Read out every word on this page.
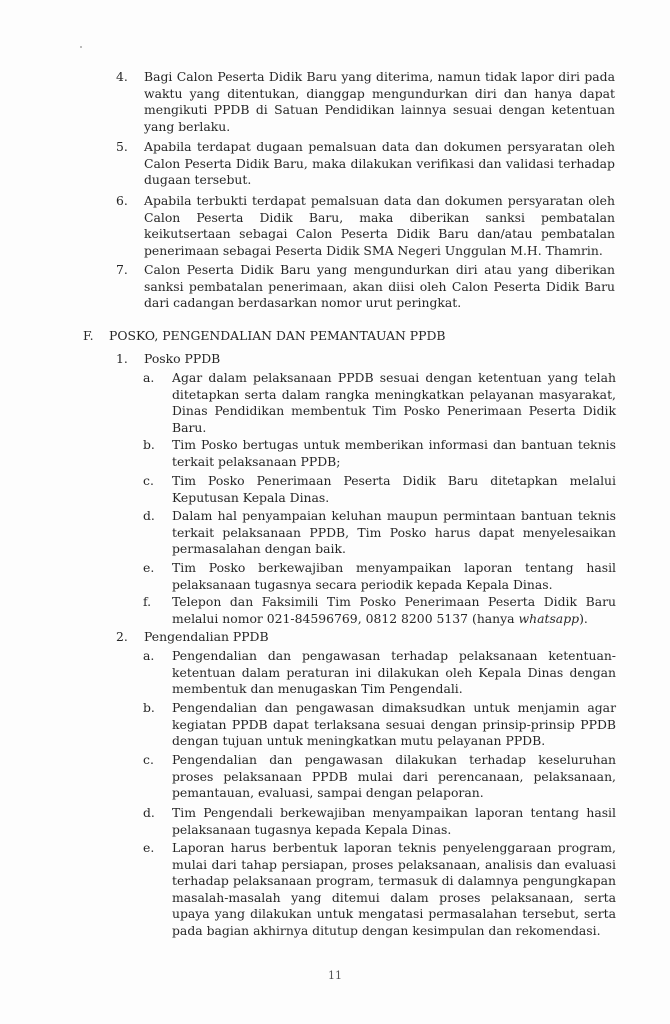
4. Bagi Calon Peserta Didik Baru yang diterima, namun tidak lapor diri pada waktu yang ditentukan, dianggap mengundurkan diri dan hanya dapat mengikuti PPDB di Satuan Pendidikan lainnya sesuai dengan ketentuan yang berlaku.
5. Apabila terdapat dugaan pemalsuan data dan dokumen persyaratan oleh Calon Peserta Didik Baru, maka dilakukan verifikasi dan validasi terhadap dugaan tersebut.
6. Apabila terbukti terdapat pemalsuan data dan dokumen persyaratan oleh Calon Peserta Didik Baru, maka diberikan sanksi pembatalan keikutsertaan sebagai Calon Peserta Didik Baru dan/atau pembatalan penerimaan sebagai Peserta Didik SMA Negeri Unggulan M.H. Thamrin.
7. Calon Peserta Didik Baru yang mengundurkan diri atau yang diberikan sanksi pembatalan penerimaan, akan diisi oleh Calon Peserta Didik Baru dari cadangan berdasarkan nomor urut peringkat.
F. POSKO, PENGENDALIAN DAN PEMANTAUAN PPDB
1. Posko PPDB
a. Agar dalam pelaksanaan PPDB sesuai dengan ketentuan yang telah ditetapkan serta dalam rangka meningkatkan pelayanan masyarakat, Dinas Pendidikan membentuk Tim Posko Penerimaan Peserta Didik Baru.
b. Tim Posko bertugas untuk memberikan informasi dan bantuan teknis terkait pelaksanaan PPDB;
c. Tim Posko Penerimaan Peserta Didik Baru ditetapkan melalui Keputusan Kepala Dinas.
d. Dalam hal penyampaian keluhan maupun permintaan bantuan teknis terkait pelaksanaan PPDB, Tim Posko harus dapat menyelesaikan permasalahan dengan baik.
e. Tim Posko berkewajiban menyampaikan laporan tentang hasil pelaksanaan tugasnya secara periodik kepada Kepala Dinas.
f. Telepon dan Faksimili Tim Posko Penerimaan Peserta Didik Baru melalui nomor 021-84596769, 0812 8200 5137 (hanya whatsapp).
2. Pengendalian PPDB
a. Pengendalian dan pengawasan terhadap pelaksanaan ketentuan-ketentuan dalam peraturan ini dilakukan oleh Kepala Dinas dengan membentuk dan menugaskan Tim Pengendali.
b. Pengendalian dan pengawasan dimaksudkan untuk menjamin agar kegiatan PPDB dapat terlaksana sesuai dengan prinsip-prinsip PPDB dengan tujuan untuk meningkatkan mutu pelayanan PPDB.
c. Pengendalian dan pengawasan dilakukan terhadap keseluruhan proses pelaksanaan PPDB mulai dari perencanaan, pelaksanaan, pemantauan, evaluasi, sampai dengan pelaporan.
d. Tim Pengendali berkewajiban menyampaikan laporan tentang hasil pelaksanaan tugasnya kepada Kepala Dinas.
e. Laporan harus berbentuk laporan teknis penyelenggaraan program, mulai dari tahap persiapan, proses pelaksanaan, analisis dan evaluasi terhadap pelaksanaan program, termasuk di dalamnya pengungkapan masalah-masalah yang ditemui dalam proses pelaksanaan, serta upaya yang dilakukan untuk mengatasi permasalahan tersebut, serta pada bagian akhirnya ditutup dengan kesimpulan dan rekomendasi.
11
